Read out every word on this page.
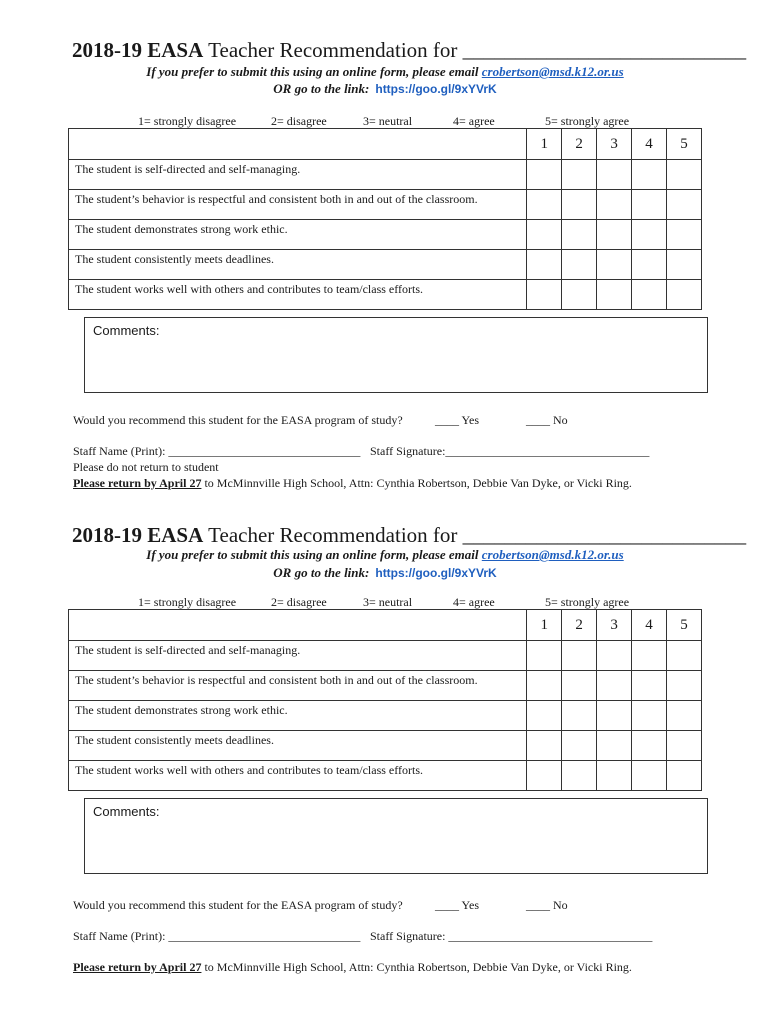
2018-19 EASA Teacher Recommendation for ___________________________
If you prefer to submit this using an online form, please email crobertson@msd.k12.or.us
OR go to the link: https://goo.gl/9xYVrK
1= strongly disagree	2= disagree	3= neutral	4= agree	5= strongly agree
	1	2	3	4	5
The student is self-directed and self-managing.					
The student’s behavior is respectful and consistent both in and out of the classroom.					
The student demonstrates strong work ethic.					
The student consistently meets deadlines.					
The student works well with others and contributes to team/class efforts.					
Comments:
Would you recommend this student for the EASA program of study?	____ Yes	____ No
Staff Name (Print): ________________________________ Staff Signature:__________________________________
Please do not return to student
Please return by April 27 to McMinnville High School, Attn: Cynthia Robertson, Debbie Van Dyke, or Vicki Ring.
2018-19 EASA Teacher Recommendation for ___________________________
If you prefer to submit this using an online form, please email crobertson@msd.k12.or.us
OR go to the link: https://goo.gl/9xYVrK
1= strongly disagree	2= disagree	3= neutral	4= agree	5= strongly agree
	1	2	3	4	5
The student is self-directed and self-managing.					
The student’s behavior is respectful and consistent both in and out of the classroom.					
The student demonstrates strong work ethic.					
The student consistently meets deadlines.					
The student works well with others and contributes to team/class efforts.					
Comments:
Would you recommend this student for the EASA program of study?	____ Yes	____ No
Staff Name (Print): ________________________________ Staff Signature: __________________________________
Please return by April 27 to McMinnville High School, Attn: Cynthia Robertson, Debbie Van Dyke, or Vicki Ring.
